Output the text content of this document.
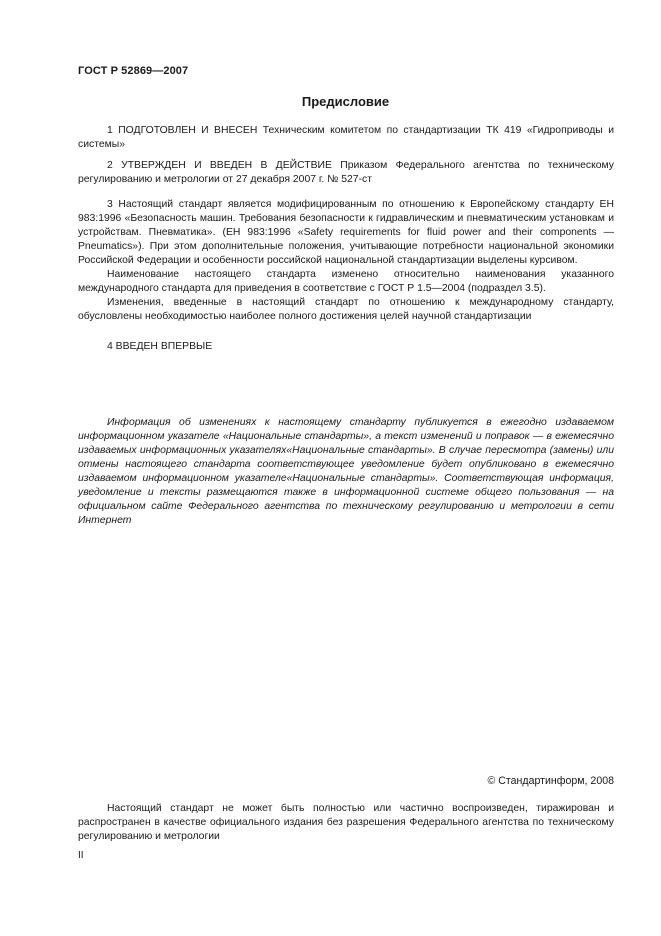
ГОСТ Р 52869—2007
Предисловие

1 ПОДГОТОВЛЕН И ВНЕСЕН Техническим комитетом по стандартизации ТК 419 «Гидроприводы и системы»

2 УТВЕРЖДЕН И ВВЕДЕН В ДЕЙСТВИЕ Приказом Федерального агентства по техническому регулированию и метрологии от 27 декабря 2007 г. № 527-ст

3 Настоящий стандарт является модифицированным по отношению к Европейскому стандарту ЕН 983:1996 «Безопасность машин. Требования безопасности к гидравлическим и пневматическим установкам и устройствам. Пневматика». (EH 983:1996 «Safety requirements for fluid power and their components — Pneumatics»). При этом дополнительные положения, учитывающие потребности национальной экономики Российской Федерации и особенности российской национальной стандартизации выделены курсивом.

Наименование настоящего стандарта изменено относительно наименования указанного международного стандарта для приведения в соответствие с ГОСТ Р 1.5—2004 (подраздел 3.5).

Изменения, введенные в настоящий стандарт по отношению к международному стандарту, обусловлены необходимостью наиболее полного достижения целей научной стандартизации

4 ВВЕДЕН ВПЕРВЫЕ

Информация об изменениях к настоящему стандарту публикуется в ежегодно издаваемом информационном указателе «Национальные стандарты», а текст изменений и поправок — в ежемесячно издаваемых информационных указателях«Национальные стандарты». В случае пересмотра (замены) или отмены настоящего стандарта соответствующее уведомление будет опубликовано в ежемесячно издаваемом информационном указателе«Национальные стандарты». Соответствующая информация, уведомление и тексты размещаются также в информационной системе общего пользования — на официальном сайте Федерального агентства по техническому регулированию и метрологии в сети Интернет

© Стандартинформ, 2008

Настоящий стандарт не может быть полностью или частично воспроизведен, тиражирован и распространен в качестве официального издания без разрешения Федерального агентства по техническому регулированию и метрологии

II
